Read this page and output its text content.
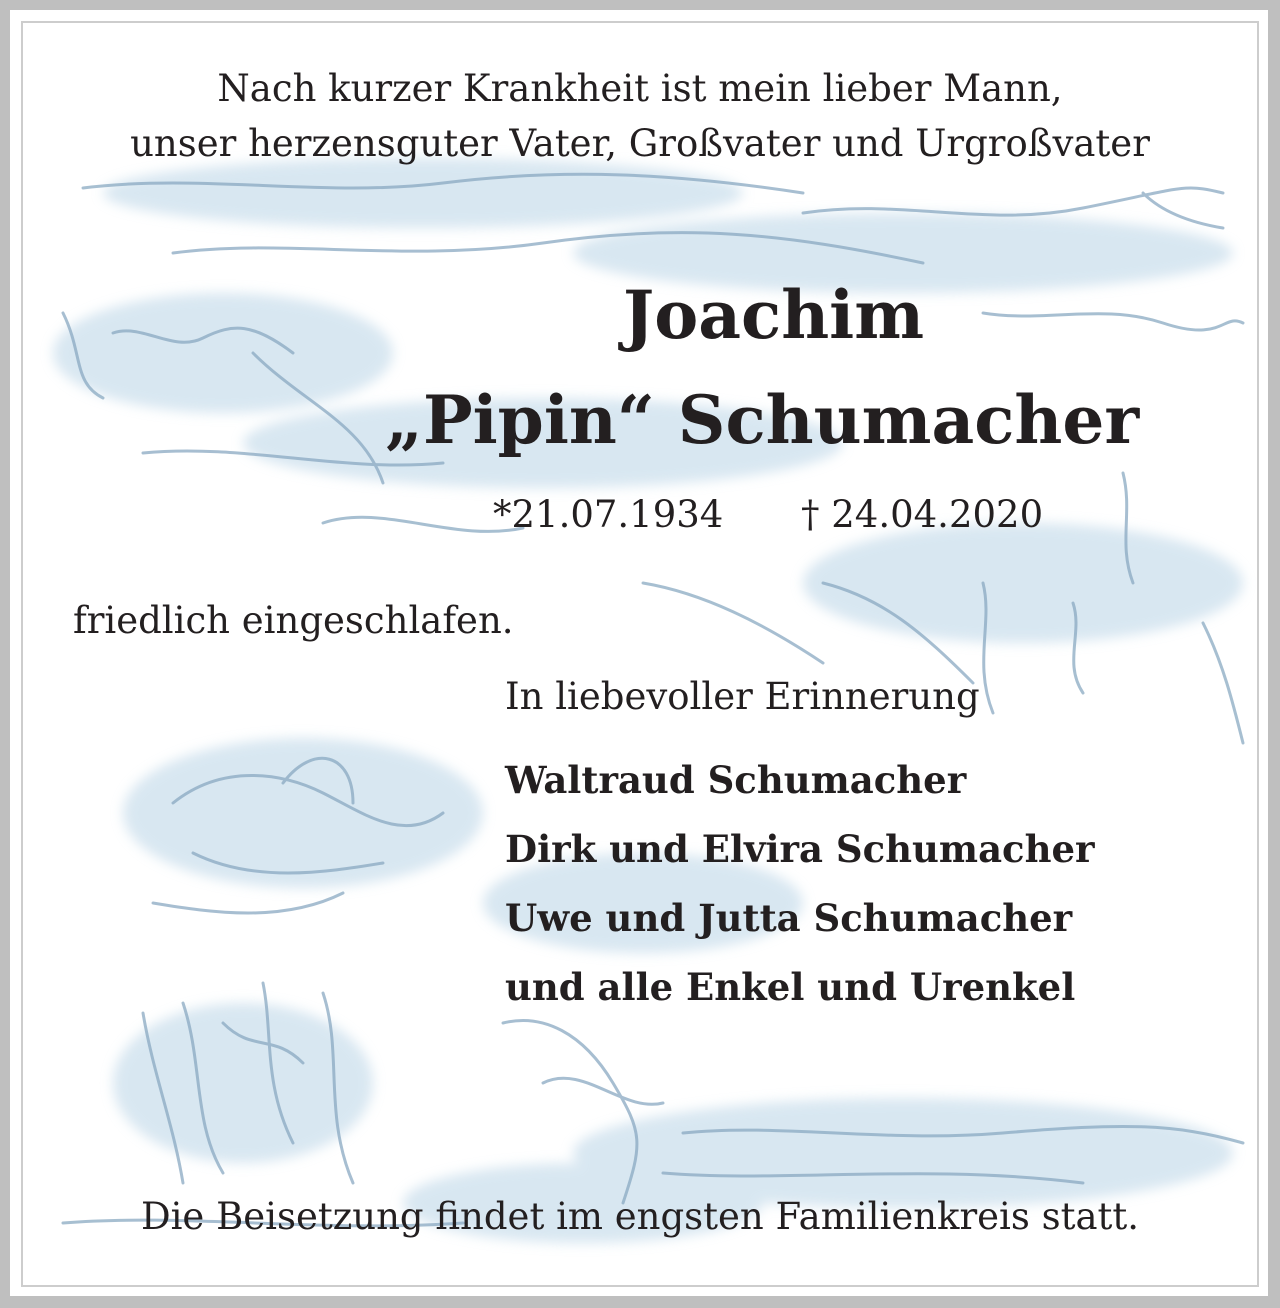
Nach kurzer Krankheit ist mein lieber Mann,
unser herzensguter Vater, Großvater und Urgroßvater
Joachim
„Pipin“ Schumacher
*21.07.1934 † 24.04.2020
friedlich eingeschlafen.
In liebevoller Erinnerung
Waltraud Schumacher
Dirk und Elvira Schumacher
Uwe und Jutta Schumacher
und alle Enkel und Urenkel
Die Beisetzung findet im engsten Familienkreis statt.
